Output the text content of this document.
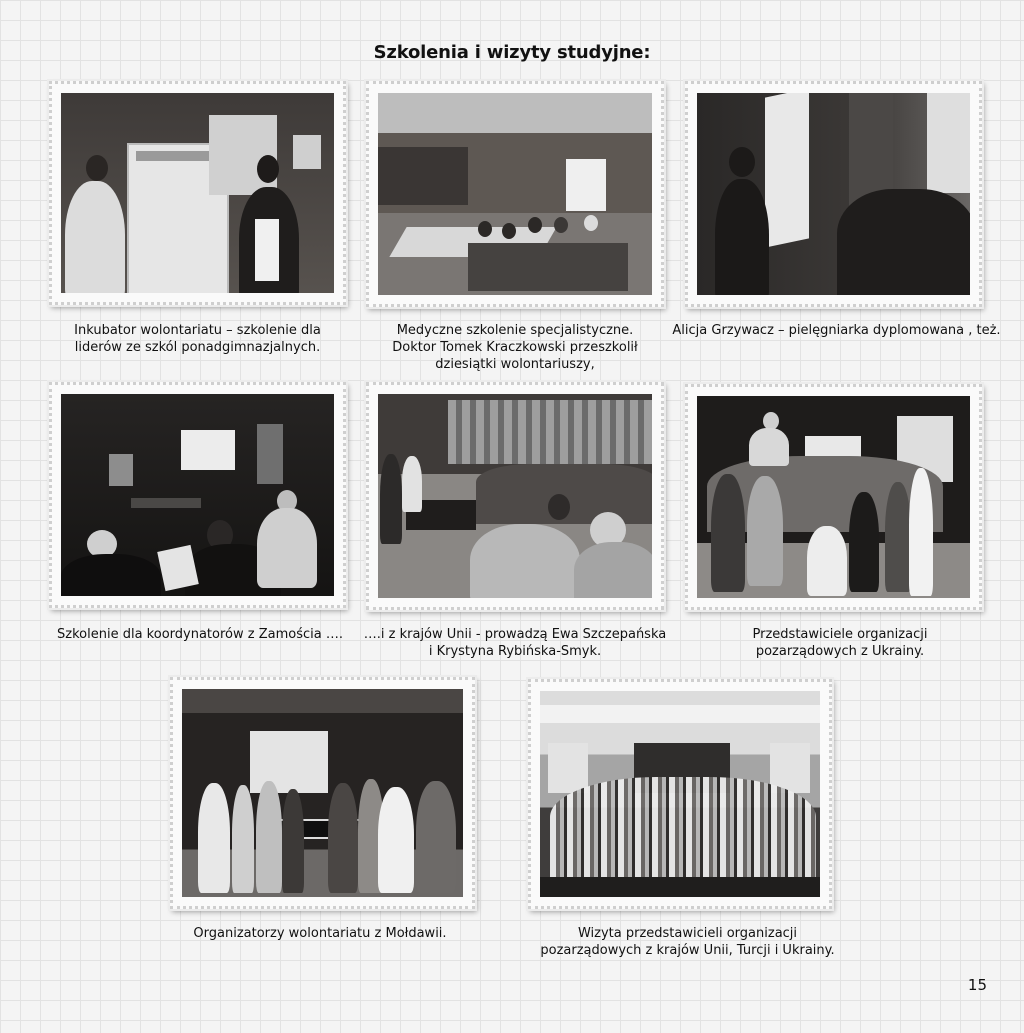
Szkolenia i wizyty studyjne:
Inkubator wolontariatu – szkolenie dla
liderów ze szkól ponadgimnazjalnych.
Medyczne szkolenie specjalistyczne.
Doktor Tomek Kraczkowski przeszkolił
dziesiątki wolontariuszy,
Alicja Grzywacz – pielęgniarka dyplomowana , też.
Szkolenie dla koordynatorów z Zamościa ….	….i z krajów Unii - prowadzą Ewa Szczepańska
i Krystyna Rybińska-Smyk.
Przedstawiciele organizacji
pozarządowych z Ukrainy.
Organizatorzy wolontariatu z Mołdawii.	Wizyta przedstawicieli organizacji
pozarządowych z krajów Unii, Turcji i Ukrainy.
15
